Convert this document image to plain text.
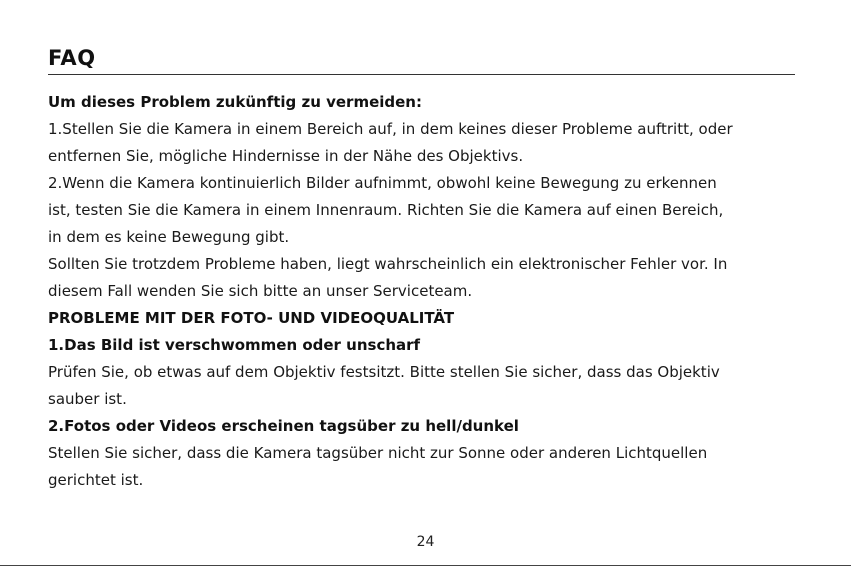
FAQ
Um dieses Problem zukünftig zu vermeiden:
1.Stellen Sie die Kamera in einem Bereich auf, in dem keines dieser Probleme auftritt, oder
entfernen Sie, mögliche Hindernisse in der Nähe des Objektivs.
2.Wenn die Kamera kontinuierlich Bilder aufnimmt, obwohl keine Bewegung zu erkennen
ist, testen Sie die Kamera in einem Innenraum. Richten Sie die Kamera auf einen Bereich,
in dem es keine Bewegung gibt.
Sollten Sie trotzdem Probleme haben, liegt wahrscheinlich ein elektronischer Fehler vor. In
diesem Fall wenden Sie sich bitte an unser Serviceteam.
PROBLEME MIT DER FOTO- UND VIDEOQUALITÄT
1.Das Bild ist verschwommen oder unscharf
Prüfen Sie, ob etwas auf dem Objektiv festsitzt. Bitte stellen Sie sicher, dass das Objektiv
sauber ist.
2.Fotos oder Videos erscheinen tagsüber zu hell/dunkel
Stellen Sie sicher, dass die Kamera tagsüber nicht zur Sonne oder anderen Lichtquellen
gerichtet ist.
24
